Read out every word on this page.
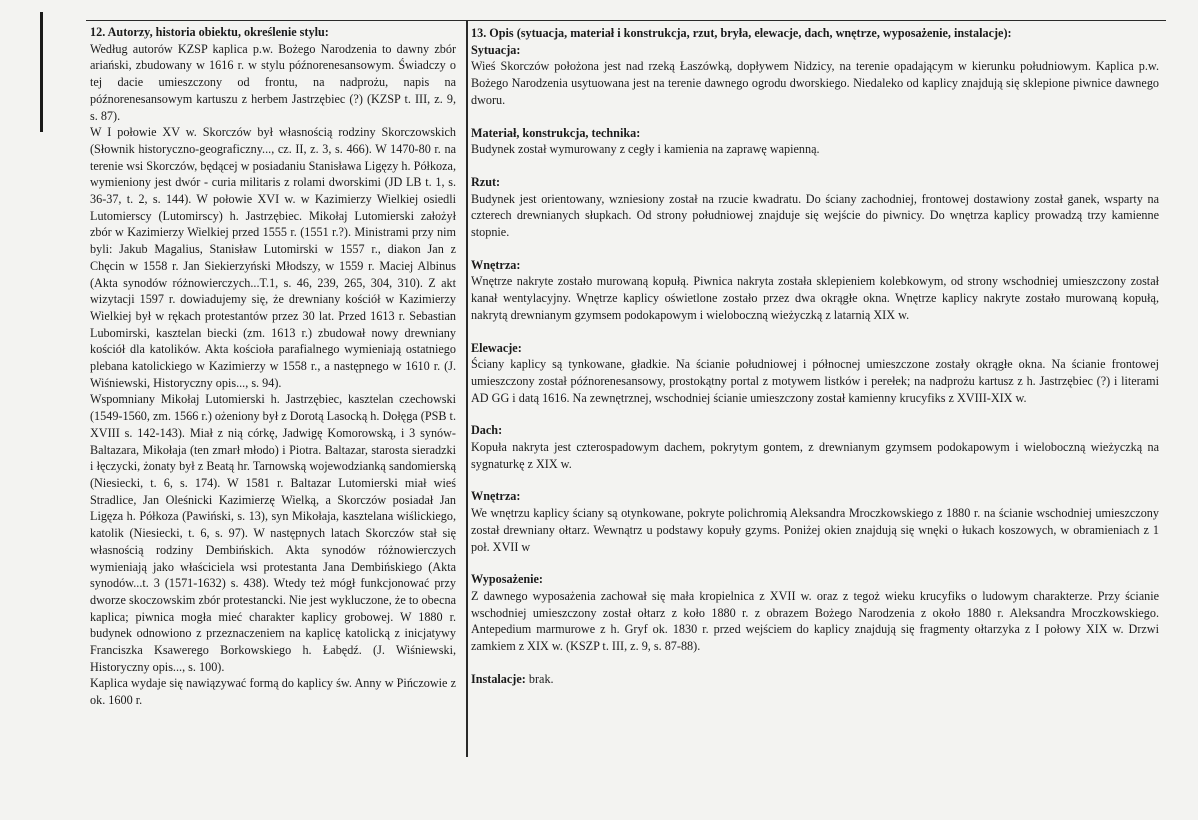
12. Autorzy, historia obiektu, określenie stylu:

Według autorów KZSP kaplica p.w. Bożego Narodzenia to dawny zbór ariański, zbudowany w 1616 r. w stylu późnorenesansowym. Świadczy o tej dacie umieszczony od frontu, na nadprożu, napis na późnorenesansowym kartuszu z herbem Jastrzębiec (?) (KZSP t. III, z. 9, s. 87).

W I połowie XV w. Skorczów był własnością rodziny Skorczowskich (Słownik historyczno-geograficzny..., cz. II, z. 3, s. 466). W 1470-80 r. na terenie wsi Skorczów, będącej w posiadaniu Stanisława Ligęzy h. Półkoza, wymieniony jest dwór - curia militaris z rolami dworskimi (JD LB t. 1, s. 36-37, t. 2, s. 144). W połowie XVI w. w Kazimierzy Wielkiej osiedli Lutomierscy (Lutomirscy) h. Jastrzębiec. Mikołaj Lutomierski założył zbór w Kazimierzy Wielkiej przed 1555 r. (1551 r.?). Ministrami przy nim byli: Jakub Magalius, Stanisław Lutomirski w 1557 r., diakon Jan z Chęcin w 1558 r. Jan Siekierzyński Młodszy, w 1559 r. Maciej Albinus (Akta synodów różnowierczych...T.1, s. 46, 239, 265, 304, 310). Z akt wizytacji 1597 r. dowiadujemy się, że drewniany kościół w Kazimierzy Wielkiej był w rękach protestantów przez 30 lat. Przed 1613 r. Sebastian Lubomirski, kasztelan biecki (zm. 1613 r.) zbudował nowy drewniany kościół dla katolików. Akta kościoła parafialnego wymieniają ostatniego plebana katolickiego w Kazimierzy w 1558 r., a następnego w 1610 r. (J. Wiśniewski, Historyczny opis..., s. 94).

Wspomniany Mikołaj Lutomierski h. Jastrzębiec, kasztelan czechowski (1549-1560, zm. 1566 r.) ożeniony był z Dorotą Lasocką h. Dołęga (PSB t. XVIII s. 142-143). Miał z nią córkę, Jadwigę Komorowską, i 3 synów-Baltazara, Mikołaja (ten zmarł młodo) i Piotra. Baltazar, starosta sieradzki i łęczycki, żonaty był z Beatą hr. Tarnowską wojewodzianką sandomierską (Niesiecki, t. 6, s. 174). W 1581 r. Baltazar Lutomierski miał wieś Stradlice, Jan Oleśnicki Kazimierzę Wielką, a Skorczów posiadał Jan Ligęza h. Półkoza (Pawiński, s. 13), syn Mikołaja, kasztelana wiślickiego, katolik (Niesiecki, t. 6, s. 97). W następnych latach Skorczów stał się własnością rodziny Dembińskich. Akta synodów różnowierczych wymieniają jako właściciela wsi protestanta Jana Dembińskiego (Akta synodów...t. 3 (1571-1632) s. 438). Wtedy też mógł funkcjonować przy dworze skoczowskim zbór protestancki. Nie jest wykluczone, że to obecna kaplica; piwnica mogła mieć charakter kaplicy grobowej. W 1880 r. budynek odnowiono z przeznaczeniem na kaplicę katolicką z inicjatywy Franciszka Ksawerego Borkowskiego h. Łabędź. (J. Wiśniewski, Historyczny opis..., s. 100).

Kaplica wydaje się nawiązywać formą do kaplicy św. Anny w Pińczowie z ok. 1600 r.

13. Opis (sytuacja, materiał i konstrukcja, rzut, bryła, elewacje, dach, wnętrze, wyposażenie, instalacje):
Sytuacja:

Wieś Skorczów położona jest nad rzeką Łaszówką, dopływem Nidzicy, na terenie opadającym w kierunku południowym. Kaplica p.w. Bożego Narodzenia usytuowana jest na terenie dawnego ogrodu dworskiego. Niedaleko od kaplicy znajdują się sklepione piwnice dawnego dworu.

Materiał, konstrukcja, technika:

Budynek został wymurowany z cegły i kamienia na zaprawę wapienną.

Rzut:

Budynek jest orientowany, wzniesiony został na rzucie kwadratu. Do ściany zachodniej, frontowej dostawiony został ganek, wsparty na czterech drewnianych słupkach. Od strony południowej znajduje się wejście do piwnicy. Do wnętrza kaplicy prowadzą trzy kamienne stopnie.

Wnętrza:

Wnętrze nakryte zostało murowaną kopułą. Piwnica nakryta została sklepieniem kolebkowym, od strony wschodniej umieszczony został kanał wentylacyjny. Wnętrze kaplicy oświetlone zostało przez dwa okrągłe okna. Wnętrze kaplicy nakryte zostało murowaną kopułą, nakrytą drewnianym gzymsem podokapowym i wieloboczną wieżyczką z latarnią XIX w.

Elewacje:

Ściany kaplicy są tynkowane, gładkie. Na ścianie południowej i północnej umieszczone zostały okrągłe okna. Na ścianie frontowej umieszczony został późnorenesansowy, prostokątny portal z motywem listków i perełek; na nadprożu kartusz z h. Jastrzębiec (?) i literami AD GG i datą 1616. Na zewnętrznej, wschodniej ścianie umieszczony został kamienny krucyfiks z XVIII-XIX w.

Dach:

Kopuła nakryta jest czterospadowym dachem, pokrytym gontem, z drewnianym gzymsem podokapowym i wieloboczną wieżyczką na sygnaturkę z XIX w.

Wnętrza:

We wnętrzu kaplicy ściany są otynkowane, pokryte polichromią Aleksandra Mroczkowskiego z 1880 r. na ścianie wschodniej umieszczony został drewniany ołtarz. Wewnątrz u podstawy kopuły gzyms. Poniżej okien znajdują się wnęki o łukach koszowych, w obramieniach z 1 poł. XVII w

Wyposażenie:

Z dawnego wyposażenia zachował się mała kropielnica z XVII w. oraz z tegoż wieku krucyfiks o ludowym charakterze. Przy ścianie wschodniej umieszczony został ołtarz z koło 1880 r. z obrazem Bożego Narodzenia z około 1880 r. Aleksandra Mroczkowskiego. Antepedium marmurowe z h. Gryf ok. 1830 r. przed wejściem do kaplicy znajdują się fragmenty ołtarzyka z I połowy XIX w. Drzwi zamkiem z XIX w. (KSZP t. III, z. 9, s. 87-88).

Instalacje: brak.
